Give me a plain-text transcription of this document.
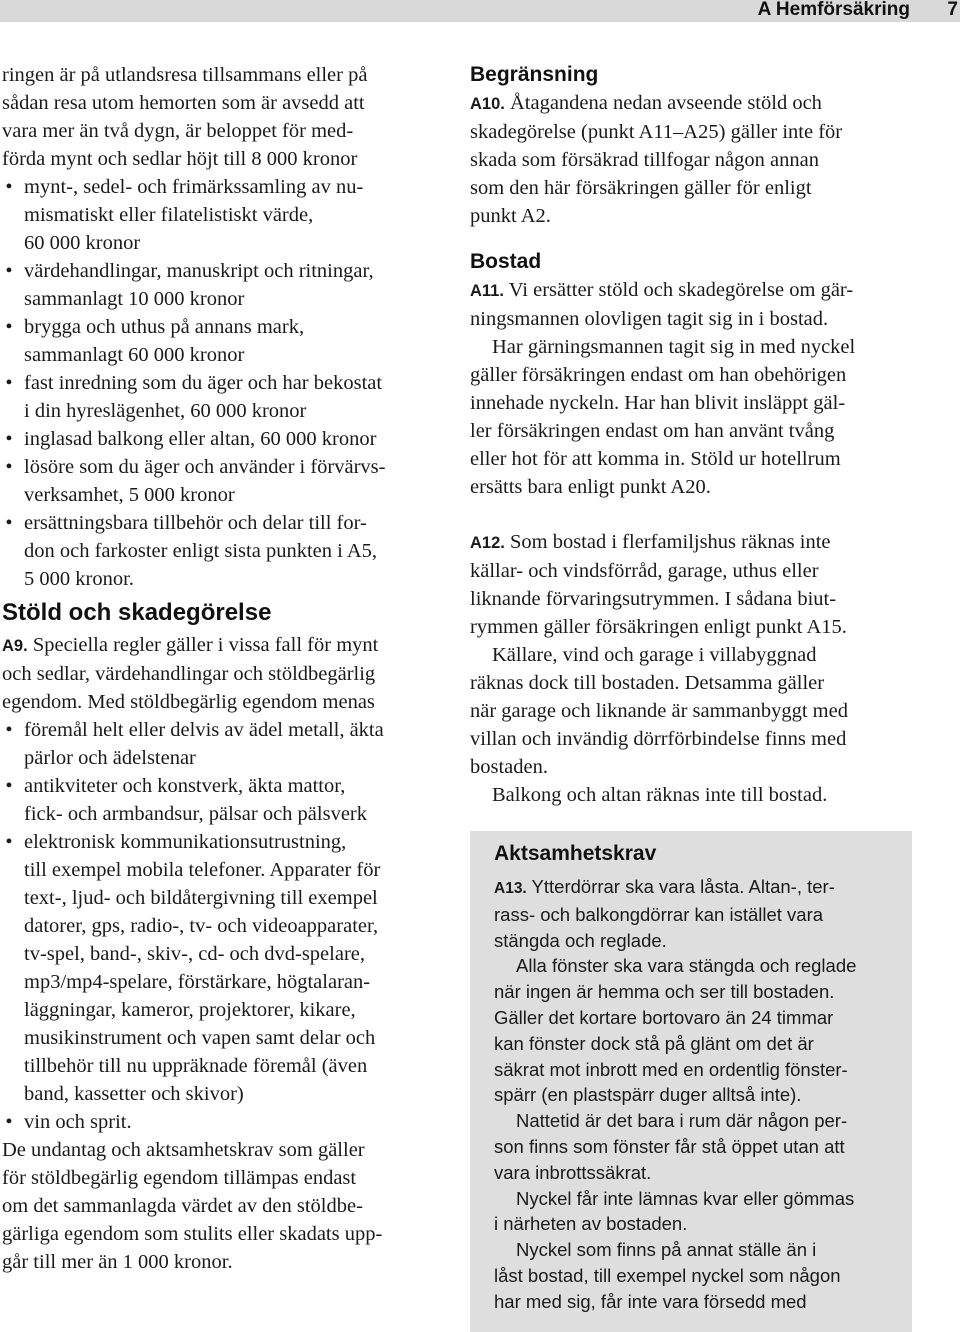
A Hemförsäkring 7
ringen är på utlandsresa tillsammans eller på
sådan resa utom hemorten som är avsedd att
vara mer än två dygn, är beloppet för med-
förda mynt och sedlar höjt till 8 000 kronor
• mynt-, sedel- och frimärkssamling av nu-
mismatiskt eller filatelistiskt värde,
60 000 kronor
• värdehandlingar, manuskript och ritningar,
sammanlagt 10 000 kronor
• brygga och uthus på annans mark,
sammanlagt 60 000 kronor
• fast inredning som du äger och har bekostat
i din hyreslägenhet, 60 000 kronor
• inglasad balkong eller altan, 60 000 kronor
• lösöre som du äger och använder i förvärvs-
verksamhet, 5 000 kronor
• ersättningsbara tillbehör och delar till for-
don och farkoster enligt sista punkten i A5,
5 000 kronor.
Stöld och skadegörelse
A9. Speciella regler gäller i vissa fall för mynt
och sedlar, värdehandlingar och stöldbegärlig
egendom. Med stöldbegärlig egendom menas
• föremål helt eller delvis av ädel metall, äkta
pärlor och ädelstenar
• antikviteter och konstverk, äkta mattor,
fick- och armbandsur, pälsar och pälsverk
• elektronisk kommunikationsutrustning,
till exempel mobila telefoner. Apparater för
text-, ljud- och bildåtergivning till exempel
datorer, gps, radio-, tv- och videoapparater,
tv-spel, band-, skiv-, cd- och dvd-spelare,
mp3/mp4-spelare, förstärkare, högtalaran-
läggningar, kameror, projektorer, kikare,
musikinstrument och vapen samt delar och
tillbehör till nu uppräknade föremål (även
band, kassetter och skivor)
• vin och sprit.
De undantag och aktsamhetskrav som gäller
för stöldbegärlig egendom tillämpas endast
om det sammanlagda värdet av den stöldbe-
gärliga egendom som stulits eller skadats upp-
går till mer än 1 000 kronor.
Begränsning
A10. Åtagandena nedan avseende stöld och
skadegörelse (punkt A11–A25) gäller inte för
skada som försäkrad tillfogar någon annan
som den här försäkringen gäller för enligt
punkt A2.
Bostad
A11. Vi ersätter stöld och skadegörelse om gär-
ningsmannen olovligen tagit sig in i bostad.
Har gärningsmannen tagit sig in med nyckel
gäller försäkringen endast om han obehörigen
innehade nyckeln. Har han blivit insläppt gäl-
ler försäkringen endast om han använt tvång
eller hot för att komma in. Stöld ur hotellrum
ersätts bara enligt punkt A20.
A12. Som bostad i flerfamiljshus räknas inte
källar- och vindsförråd, garage, uthus eller
liknande förvaringsutrymmen. I sådana biut-
rymmen gäller försäkringen enligt punkt A15.
Källare, vind och garage i villabyggnad
räknas dock till bostaden. Detsamma gäller
när garage och liknande är sammanbyggt med
villan och invändig dörrförbindelse finns med
bostaden.
Balkong och altan räknas inte till bostad.
Aktsamhetskrav
A13. Ytterdörrar ska vara låsta. Altan-, ter-
rass- och balkongdörrar kan istället vara
stängda och reglade.
Alla fönster ska vara stängda och reglade
när ingen är hemma och ser till bostaden.
Gäller det kortare bortovaro än 24 timmar
kan fönster dock stå på glänt om det är
säkrat mot inbrott med en ordentlig fönster-
spärr (en plastspärr duger alltså inte).
Nattetid är det bara i rum där någon per-
son finns som fönster får stå öppet utan att
vara inbrottssäkrat.
Nyckel får inte lämnas kvar eller gömmas
i närheten av bostaden.
Nyckel som finns på annat ställe än i
låst bostad, till exempel nyckel som någon
har med sig, får inte vara försedd med
